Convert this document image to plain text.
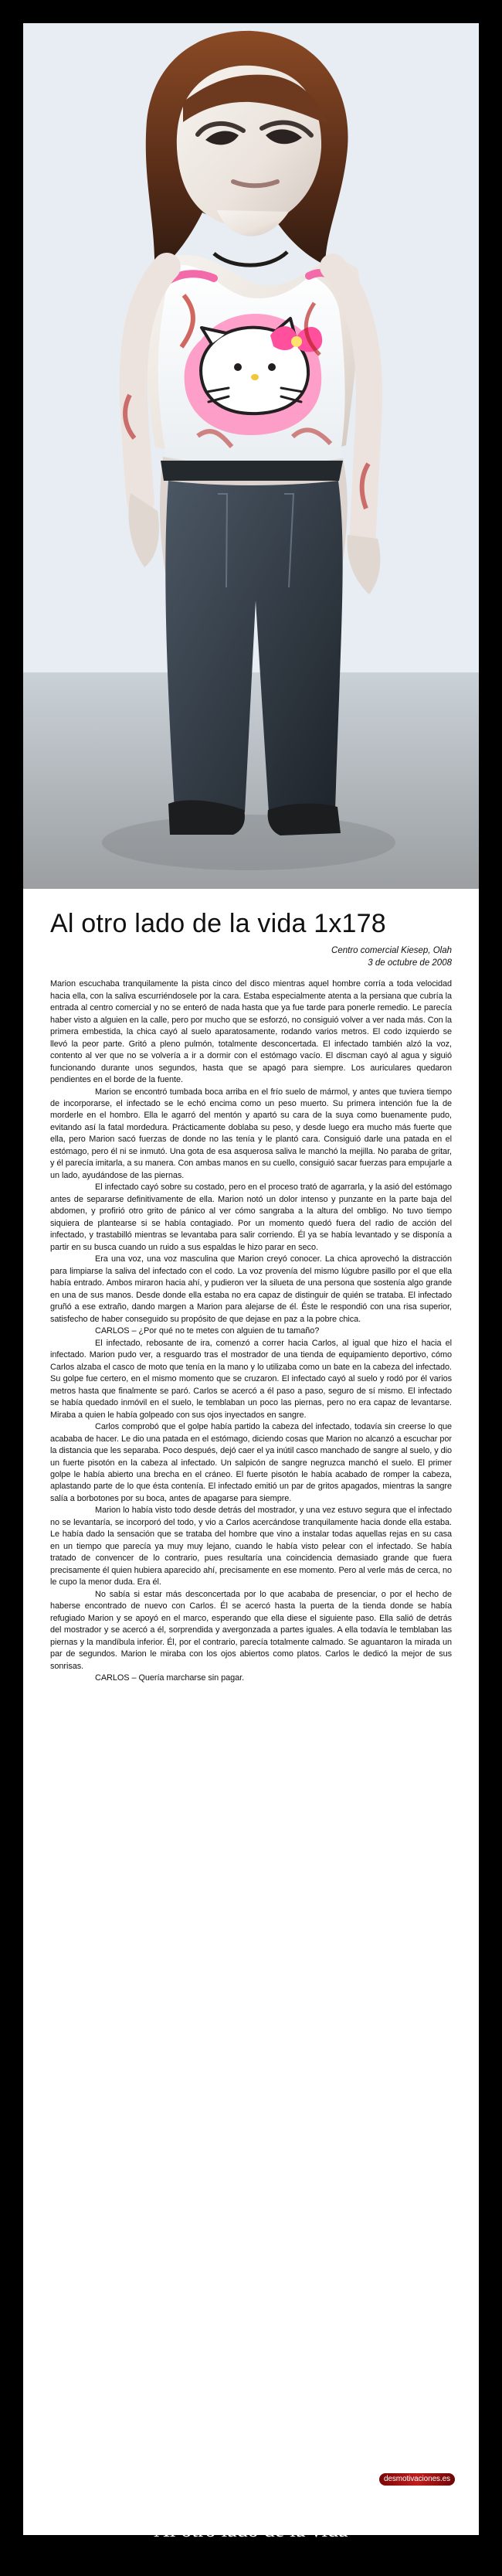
Al otro lado de la vida 1x178
Centro comercial Kiesep, Olah
3 de octubre de 2008

Marion escuchaba tranquilamente la pista cinco del disco mientras aquel hombre corría a toda velocidad hacia ella, con la saliva escurriéndosele por la cara. Estaba especialmente atenta a la persiana que cubría la entrada al centro comercial y no se enteró de nada hasta que ya fue tarde para ponerle remedio. Le parecía haber visto a alguien en la calle, pero por mucho que se esforzó, no consiguió volver a ver nada más. Con la primera embestida, la chica cayó al suelo aparatosamente, rodando varios metros. El codo izquierdo se llevó la peor parte. Gritó a pleno pulmón, totalmente desconcertada. El infectado también alzó la voz, contento al ver que no se volvería a ir a dormir con el estómago vacío. El discman cayó al agua y siguió funcionando durante unos segundos, hasta que se apagó para siempre. Los auriculares quedaron pendientes en el borde de la fuente.

Marion se encontró tumbada boca arriba en el frío suelo de mármol, y antes que tuviera tiempo de incorporarse, el infectado se le echó encima como un peso muerto. Su primera intención fue la de morderle en el hombro. Ella le agarró del mentón y apartó su cara de la suya como buenamente pudo, evitando así la fatal mordedura. Prácticamente doblaba su peso, y desde luego era mucho más fuerte que ella, pero Marion sacó fuerzas de donde no las tenía y le plantó cara. Consiguió darle una patada en el estómago, pero él ni se inmutó. Una gota de esa asquerosa saliva le manchó la mejilla. No paraba de gritar, y él parecía imitarla, a su manera. Con ambas manos en su cuello, consiguió sacar fuerzas para empujarle a un lado, ayudándose de las piernas.

El infectado cayó sobre su costado, pero en el proceso trató de agarrarla, y la asió del estómago antes de separarse definitivamente de ella. Marion notó un dolor intenso y punzante en la parte baja del abdomen, y profirió otro grito de pánico al ver cómo sangraba a la altura del ombligo. No tuvo tiempo siquiera de plantearse si se había contagiado. Por un momento quedó fuera del radio de acción del infectado, y trastabilló mientras se levantaba para salir corriendo. Él ya se había levantado y se disponía a partir en su busca cuando un ruido a sus espaldas le hizo parar en seco.

Era una voz, una voz masculina que Marion creyó conocer. La chica aprovechó la distracción para limpiarse la saliva del infectado con el codo. La voz provenía del mismo lúgubre pasillo por el que ella había entrado. Ambos miraron hacia ahí, y pudieron ver la silueta de una persona que sostenía algo grande en una de sus manos. Desde donde ella estaba no era capaz de distinguir de quién se trataba. El infectado gruñó a ese extraño, dando margen a Marion para alejarse de él. Éste le respondió con una risa superior, satisfecho de haber conseguido su propósito de que dejase en paz a la pobre chica.

CARLOS – ¿Por qué no te metes con alguien de tu tamaño?

El infectado, rebosante de ira, comenzó a correr hacia Carlos, al igual que hizo el hacia el infectado. Marion pudo ver, a resguardo tras el mostrador de una tienda de equipamiento deportivo, cómo Carlos alzaba el casco de moto que tenía en la mano y lo utilizaba como un bate en la cabeza del infectado. Su golpe fue certero, en el mismo momento que se cruzaron. El infectado cayó al suelo y rodó por él varios metros hasta que finalmente se paró. Carlos se acercó a él paso a paso, seguro de sí mismo. El infectado se había quedado inmóvil en el suelo, le temblaban un poco las piernas, pero no era capaz de levantarse. Miraba a quien le había golpeado con sus ojos inyectados en sangre.

Carlos comprobó que el golpe había partido la cabeza del infectado, todavía sin creerse lo que acababa de hacer. Le dio una patada en el estómago, diciendo cosas que Marion no alcanzó a escuchar por la distancia que les separaba. Poco después, dejó caer el ya inútil casco manchado de sangre al suelo, y dio un fuerte pisotón en la cabeza al infectado. Un salpicón de sangre negruzca manchó el suelo. El primer golpe le había abierto una brecha en el cráneo. El fuerte pisotón le había acabado de romper la cabeza, aplastando parte de lo que ésta contenía. El infectado emitió un par de gritos apagados, mientras la sangre salía a borbotones por su boca, antes de apagarse para siempre.

Marion lo había visto todo desde detrás del mostrador, y una vez estuvo segura que el infectado no se levantaría, se incorporó del todo, y vio a Carlos acercándose tranquilamente hacia donde ella estaba. Le había dado la sensación que se trataba del hombre que vino a instalar todas aquellas rejas en su casa en un tiempo que parecía ya muy muy lejano, cuando le había visto pelear con el infectado. Se había tratado de convencer de lo contrario, pues resultaría una coincidencia demasiado grande que fuera precisamente él quien hubiera aparecido ahí, precisamente en ese momento. Pero al verle más de cerca, no le cupo la menor duda. Era él.

No sabía si estar más desconcertada por lo que acababa de presenciar, o por el hecho de haberse encontrado de nuevo con Carlos. Él se acercó hasta la puerta de la tienda donde se había refugiado Marion y se apoyó en el marco, esperando que ella diese el siguiente paso. Ella salió de detrás del mostrador y se acercó a él, sorprendida y avergonzada a partes iguales. A ella todavía le temblaban las piernas y la mandíbula inferior. Él, por el contrario, parecía totalmente calmado. Se aguantaron la mirada un par de segundos. Marion le miraba con los ojos abiertos como platos. Carlos le dedicó la mejor de sus sonrisas.

CARLOS – Quería marcharse sin pagar.

desmotivaciones.es
Al otro lado de la vida
